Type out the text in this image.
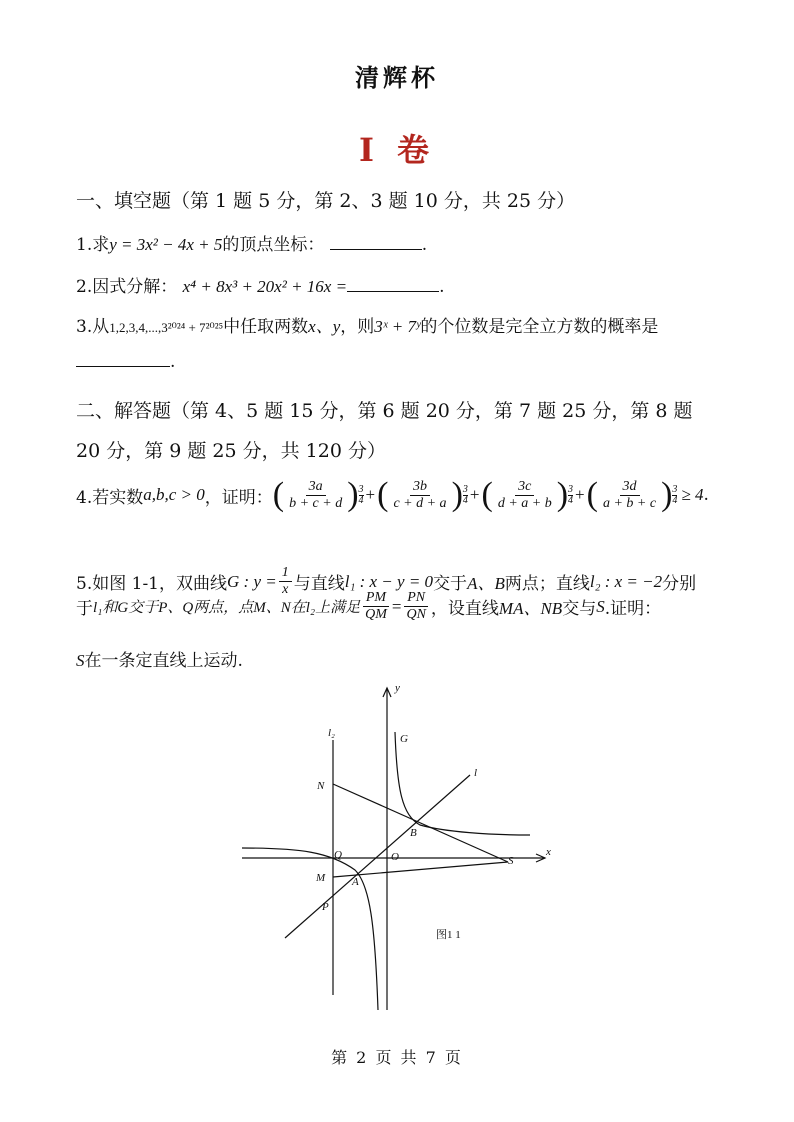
清辉杯
I 卷
一、填空题（第 1 题 5 分，第 2、3 题 10 分，共 25 分）
1.求y = 3x² − 4x + 5的顶点坐标：	.
2.因式分解： x⁴ + 8x³ + 20x² + 16x =	.
3.从1,2,3,4,...,3²⁰²⁴ + 7²⁰²⁵中任取两数x、y，则3ˣ + 7ʸ的个位数是完全立方数的概率是
.
二、解答题（第 4、5 题 15 分，第 6 题 20 分，第 7 题 25 分，第 8 题
20 分，第 9 题 25 分，共 120 分）
4.若实数 a,b,c > 0 ，证明： ( $\frac{3a}{b + c + d}$ ) $\frac{3}{4}$ + ( $\frac{3b}{c + d + a}$ ) $\frac{3}{4}$ + ( $\frac{3c}{d + a + b}$ ) $\frac{3}{4}$ + ( $\frac{3d}{a + b + c}$ ) $\frac{3}{4} \ge 4$ .
5.如图 1-1，双曲线 G : $y = \frac{1}{x}$ 与直线 l₁ : x − y = 0 交于 A、B 两点；直线 l₂ : x = −2 分别
于 l₁和G交于P、Q两点，点M、N在l₂上满足 $\frac{PM}{QM} = \frac{PN}{QN}$ ，设直线 MA、NB 交与 S .证明：
S在一条定直线上运动.
y
x
l₂	G
l
N
B
Q	O	S
M A
P
图1 1
第 2 页 共 7 页
